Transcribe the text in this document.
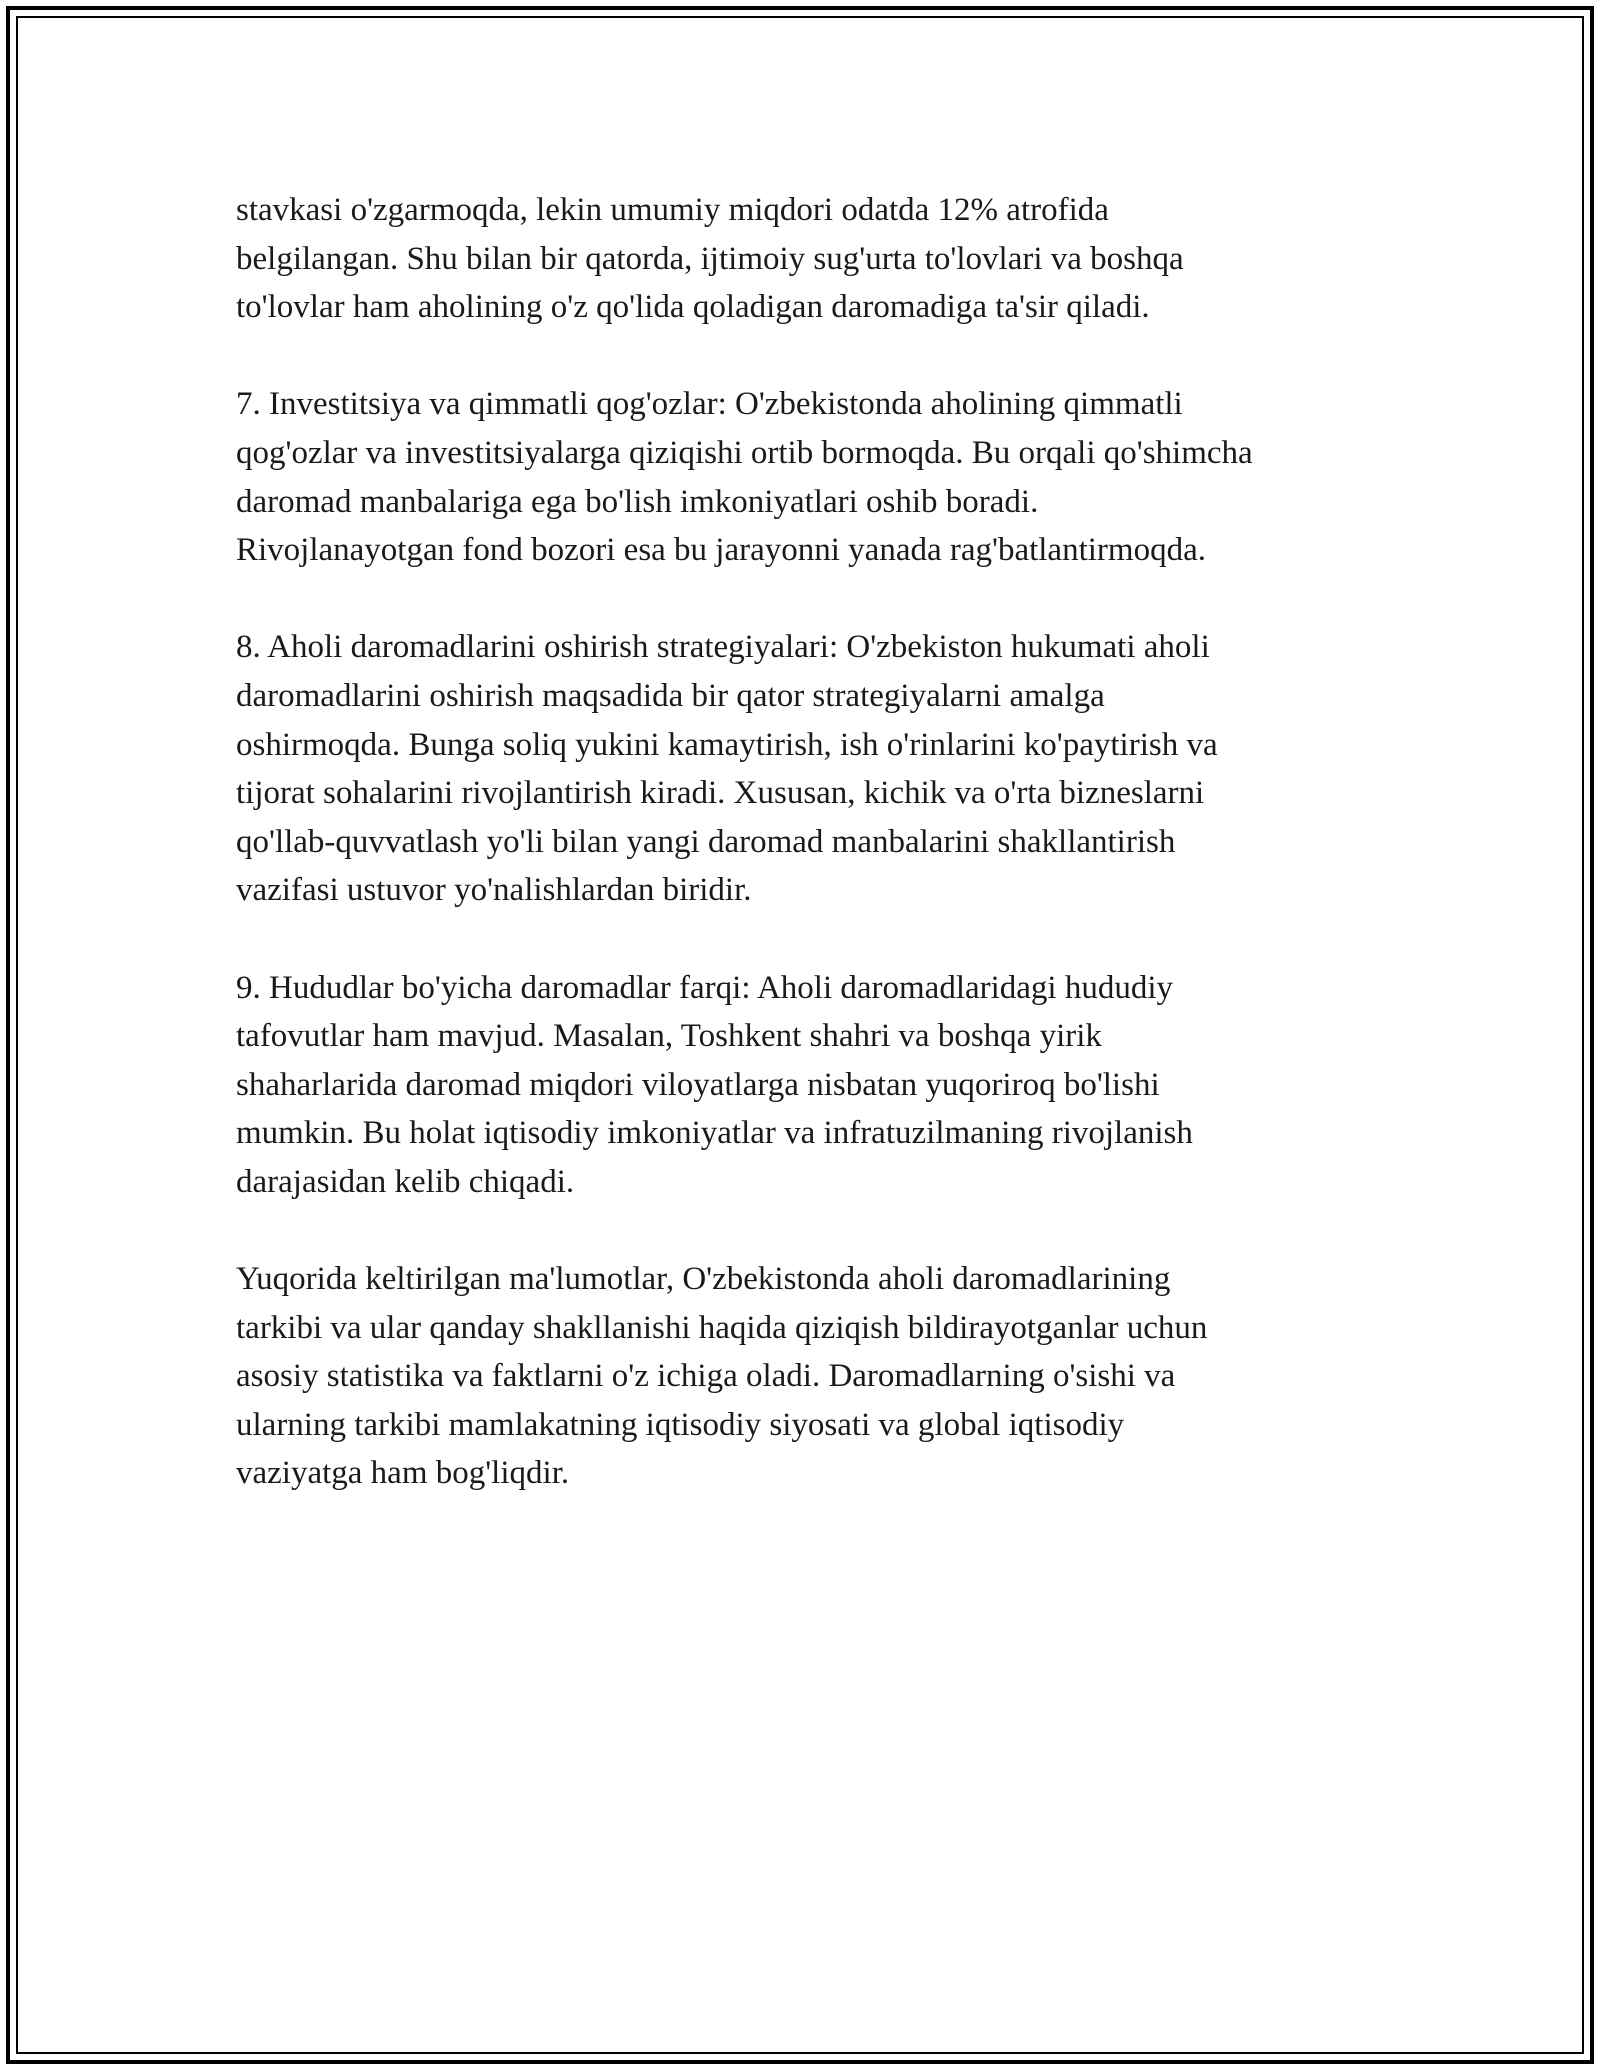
stavkasi o'zgarmoqda, lekin umumiy miqdori odatda 12% atrofida
belgilangan. Shu bilan bir qatorda, ijtimoiy sug'urta to'lovlari va boshqa
to'lovlar ham aholining o'z qo'lida qoladigan daromadiga ta'sir qiladi.

7. Investitsiya va qimmatli qog'ozlar: O'zbekistonda aholining qimmatli
qog'ozlar va investitsiyalarga qiziqishi ortib bormoqda. Bu orqali qo'shimcha
daromad manbalariga ega bo'lish imkoniyatlari oshib boradi.
Rivojlanayotgan fond bozori esa bu jarayonni yanada rag'batlantirmoqda.

8. Aholi daromadlarini oshirish strategiyalari: O'zbekiston hukumati aholi
daromadlarini oshirish maqsadida bir qator strategiyalarni amalga
oshirmoqda. Bunga soliq yukini kamaytirish, ish o'rinlarini ko'paytirish va
tijorat sohalarini rivojlantirish kiradi. Xususan, kichik va o'rta bizneslarni
qo'llab-quvvatlash yo'li bilan yangi daromad manbalarini shakllantirish
vazifasi ustuvor yo'nalishlardan biridir.

9. Hududlar bo'yicha daromadlar farqi: Aholi daromadlaridagi hududiy
tafovutlar ham mavjud. Masalan, Toshkent shahri va boshqa yirik
shaharlarida daromad miqdori viloyatlarga nisbatan yuqoriroq bo'lishi
mumkin. Bu holat iqtisodiy imkoniyatlar va infratuzilmaning rivojlanish
darajasidan kelib chiqadi.

Yuqorida keltirilgan ma'lumotlar, O'zbekistonda aholi daromadlarining
tarkibi va ular qanday shakllanishi haqida qiziqish bildirayotganlar uchun
asosiy statistika va faktlarni o'z ichiga oladi. Daromadlarning o'sishi va
ularning tarkibi mamlakatning iqtisodiy siyosati va global iqtisodiy
vaziyatga ham bog'liqdir.
